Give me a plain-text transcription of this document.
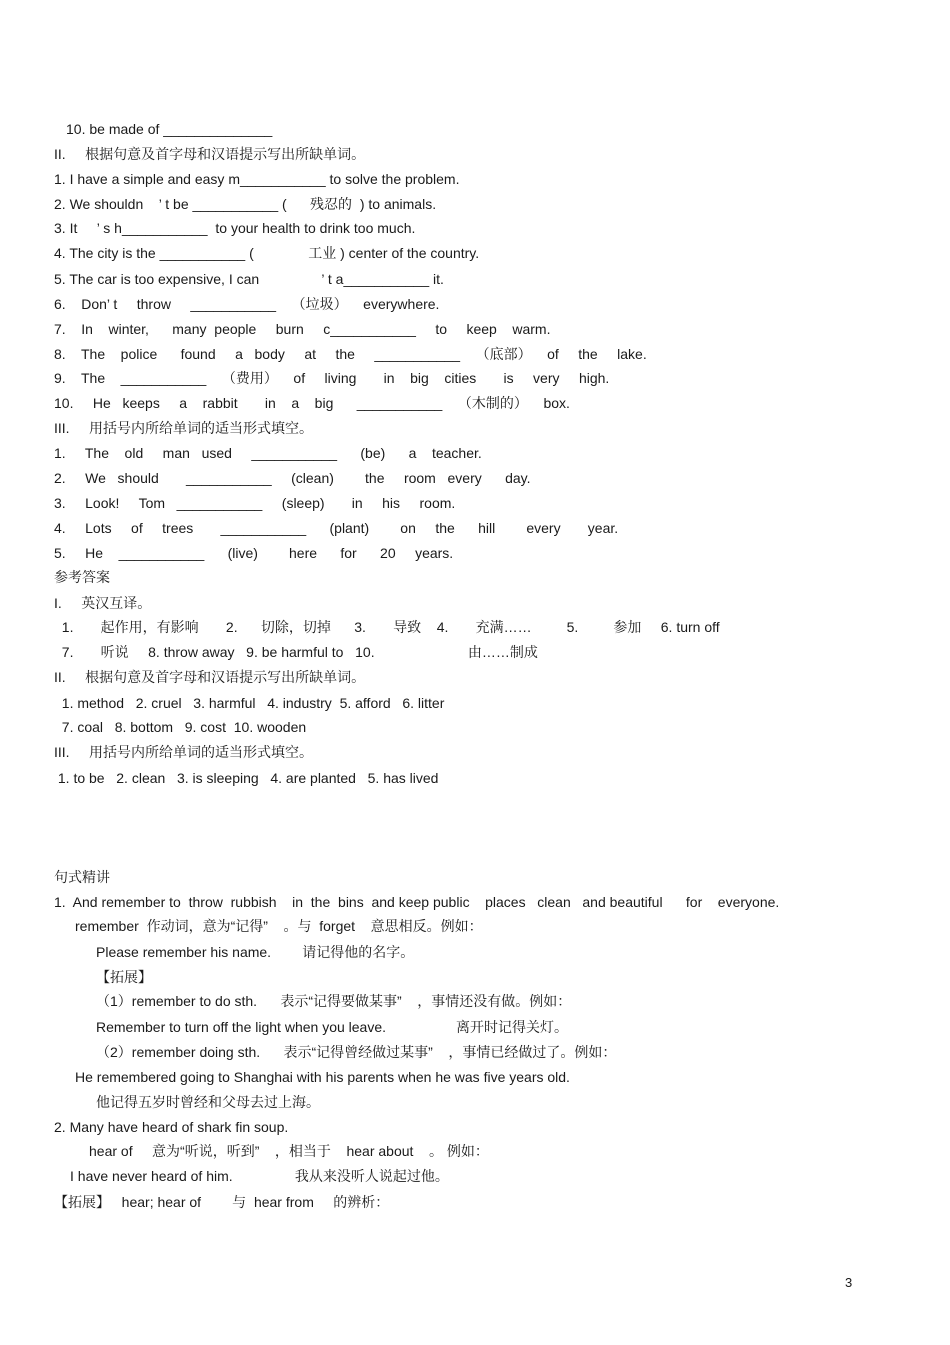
10. be made of ______________
II.     根据句意及首字母和汉语提示写出所缺单词。
1. I have a simple and easy m___________ to solve the problem.
2. We shouldn    ’ t be ___________ (      残忍的  ) to animals.
3. It     ’ s h___________  to your health to drink too much.
4. The city is the ___________ (              工业 ) center of the country.
5. The car is too expensive, I can                ’ t a___________ it.
6.    Don’ t     throw     ___________    （垃圾）    everywhere.
7.    In    winter,      many  people     burn     c___________     to     keep    warm.
8.    The    police      found     a   body     at     the     ___________    （底部）    of     the     lake.
9.    The    ___________    （费用）    of     living       in    big    cities       is     very     high.
10.     He   keeps     a    rabbit       in    a    big      ___________    （木制的）    box.
III.     用括号内所给单词的适当形式填空。
1.     The    old     man   used     ___________      (be)      a    teacher.
2.     We   should       ___________     (clean)        the     room   every      day.
3.     Look!     Tom   ___________     (sleep)       in     his     room.
4.     Lots     of     trees       ___________      (plant)        on     the      hill        every       year.
5.     He    ___________      (live)        here      for      20     years.
参考答案
I.     英汉互译。
1.       起作用，有影响       2.      切除，切掉      3.       导致    4.       充满……         5.         参加     6. turn off
7.       听说     8. throw away   9. be harmful to   10.                        由……制成
II.     根据句意及首字母和汉语提示写出所缺单词。
1. method   2. cruel   3. harmful   4. industry  5. afford   6. litter
7. coal   8. bottom   9. cost  10. wooden
III.     用括号内所给单词的适当形式填空。
1. to be   2. clean   3. is sleeping   4. are planted   5. has lived
句式精讲
1.  And remember to  throw  rubbish    in  the  bins  and keep public    places   clean   and beautiful      for    everyone.
remember  作动词，意为“记得”    。与  forget    意思相反。例如：
Please remember his name.        请记得他的名字。
【拓展】
（1）remember to do sth.      表示“记得要做某事”    ，事情还没有做。例如：
Remember to turn off the light when you leave.                  离开时记得关灯。
（2）remember doing sth.      表示“记得曾经做过某事”    ，事情已经做过了。例如：
He remembered going to Shanghai with his parents when he was five years old.
他记得五岁时曾经和父母去过上海。
2. Many have heard of shark fin soup.
hear of     意为“听说，听到”    ，相当于    hear about    。 例如：
I have never heard of him.                我从来没听人说起过他。
【拓展】   hear; hear of        与  hear from     的辨析：
3
